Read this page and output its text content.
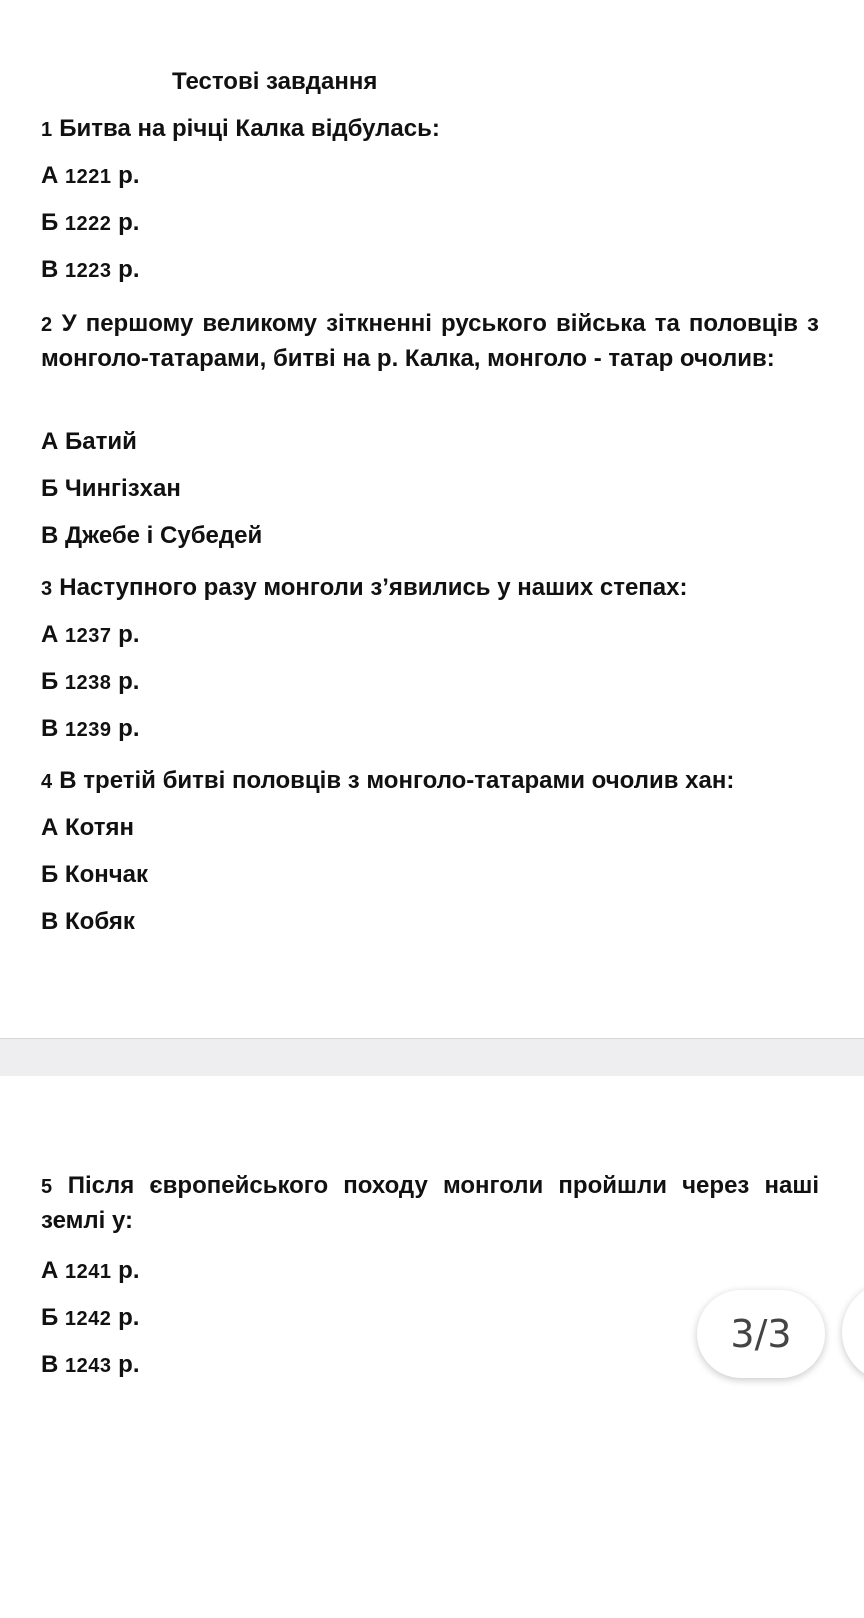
Тестові завдання
1 Битва на річці Калка відбулась:
А 1221 р.
Б 1222 р.
В 1223 р.
2 У першому великому зіткненні руського війська та половців з монголо-татарами, битві на р. Калка, монголо - татар очолив:
А Батий
Б Чингізхан
В Джебе і Субедей
3 Наступного разу монголи з’явились у наших степах:
А 1237 р.
Б 1238 р.
В 1239 р.
4 В третій битві половців з монголо-татарами очолив хан:
А Котян
Б Кончак
В Кобяк
5 Після європейського походу монголи пройшли через наші землі у:
А 1241 р.
Б 1242 р.
В 1243 р.
3/3
